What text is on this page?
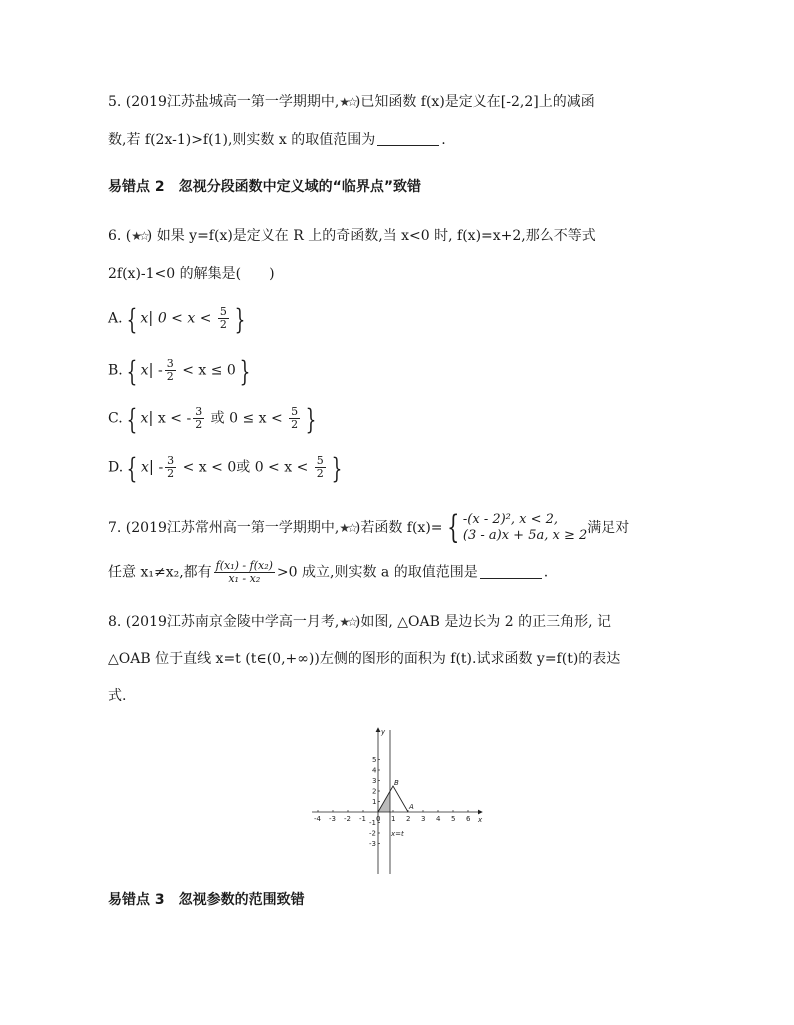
5. (2019江苏盐城高一第一学期期中,★☆)已知函数 f(x)是定义在[-2,2]上的减函
数,若 f(2x-1)>f(1),则实数 x 的取值范围为	.
易错点 2　忽视分段函数中定义域的“临界点”致错
6. (★☆) 如果 y=f(x)是定义在 R 上的奇函数,当 x<0 时, f(x)=x+2,那么不等式
2f(x)-1<0 的解集是(　　)
A. { x| $0 < x < \frac{5}{2}$ }
B. { $x| - \frac{3}{2} < x \le 0$ }
C. { x| x < - $\frac{3}{2}$ 或 $0 \le x < \frac{5}{2}$ }
D. { $x| - \frac{3}{2} < x < 0$或 $0 < x < \frac{5}{2}$ }
7. (2019江苏常州高一第一学期期中,★☆)若函数 f(x)= { -(x - 2)², x < 2,
(3 - a)x + 5a, x ≥ 2 满足对
任意 x₁≠x₂,都有 $\frac{\text{f(x₁) - f(x₂)}}{\text{x₁ - x₂}} >0$ 成立,则实数 a 的取值范围是	.
8. (2019江苏南京金陵中学高一月考,★☆)如图, △OAB 是边长为 2 的正三角形, 记
△OAB 位于直线 x=t (t∈(0,+∞))左侧的图形的面积为 f(t).试求函数 y=f(t)的表达
式.
-4 -3 -2 -1 0 1 2 3 4 5 6
5
4
3
2
1
-1
-2
-3
x
y
B
A
x=t
易错点 3　忽视参数的范围致错
